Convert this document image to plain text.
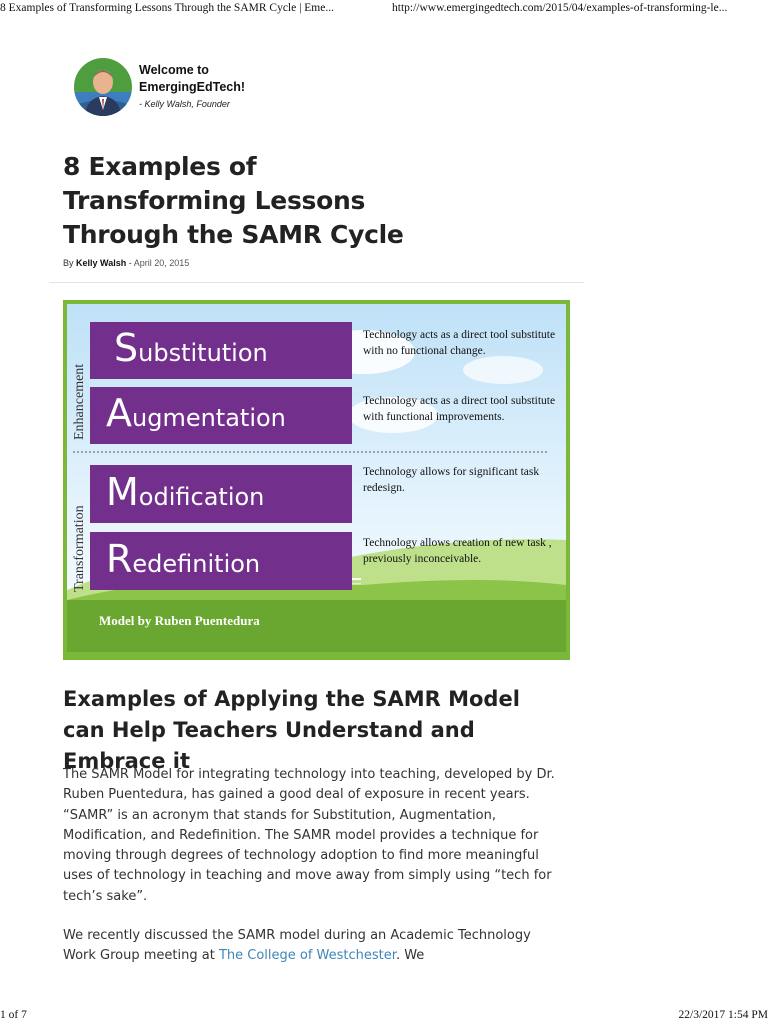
8 Examples of Transforming Lessons Through the SAMR Cycle | Eme...	http://www.emergingedtech.com/2015/04/examples-of-transforming-le...
Welcome to EmergingEdTech!
- Kelly Walsh, Founder
8 Examples of Transforming Lessons Through the SAMR Cycle
By Kelly Walsh - April 20, 2015
Enhancement
Transformation
Substitution
Technology acts as a direct tool substitute with no functional change.
Augmentation
Technology acts as a direct tool substitute with functional improvements.
Modification
Technology allows for significant task redesign.
Redefinition
Technology allows creation of new task , previously inconceivable.
Model by Ruben Puentedura
Examples of Applying the SAMR Model can Help Teachers Understand and Embrace it

The SAMR Model for integrating technology into teaching, developed by Dr. Ruben Puentedura, has gained a good deal of exposure in recent years. “SAMR” is an acronym that stands for Substitution, Augmentation, Modification, and Redefinition. The SAMR model provides a technique for moving through degrees of technology adoption to find more meaningful uses of technology in teaching and move away from simply using “tech for tech’s sake”.

We recently discussed the SAMR model during an Academic Technology Work Group meeting at The College of Westchester. We

1 of 7	22/3/2017 1:54 PM
